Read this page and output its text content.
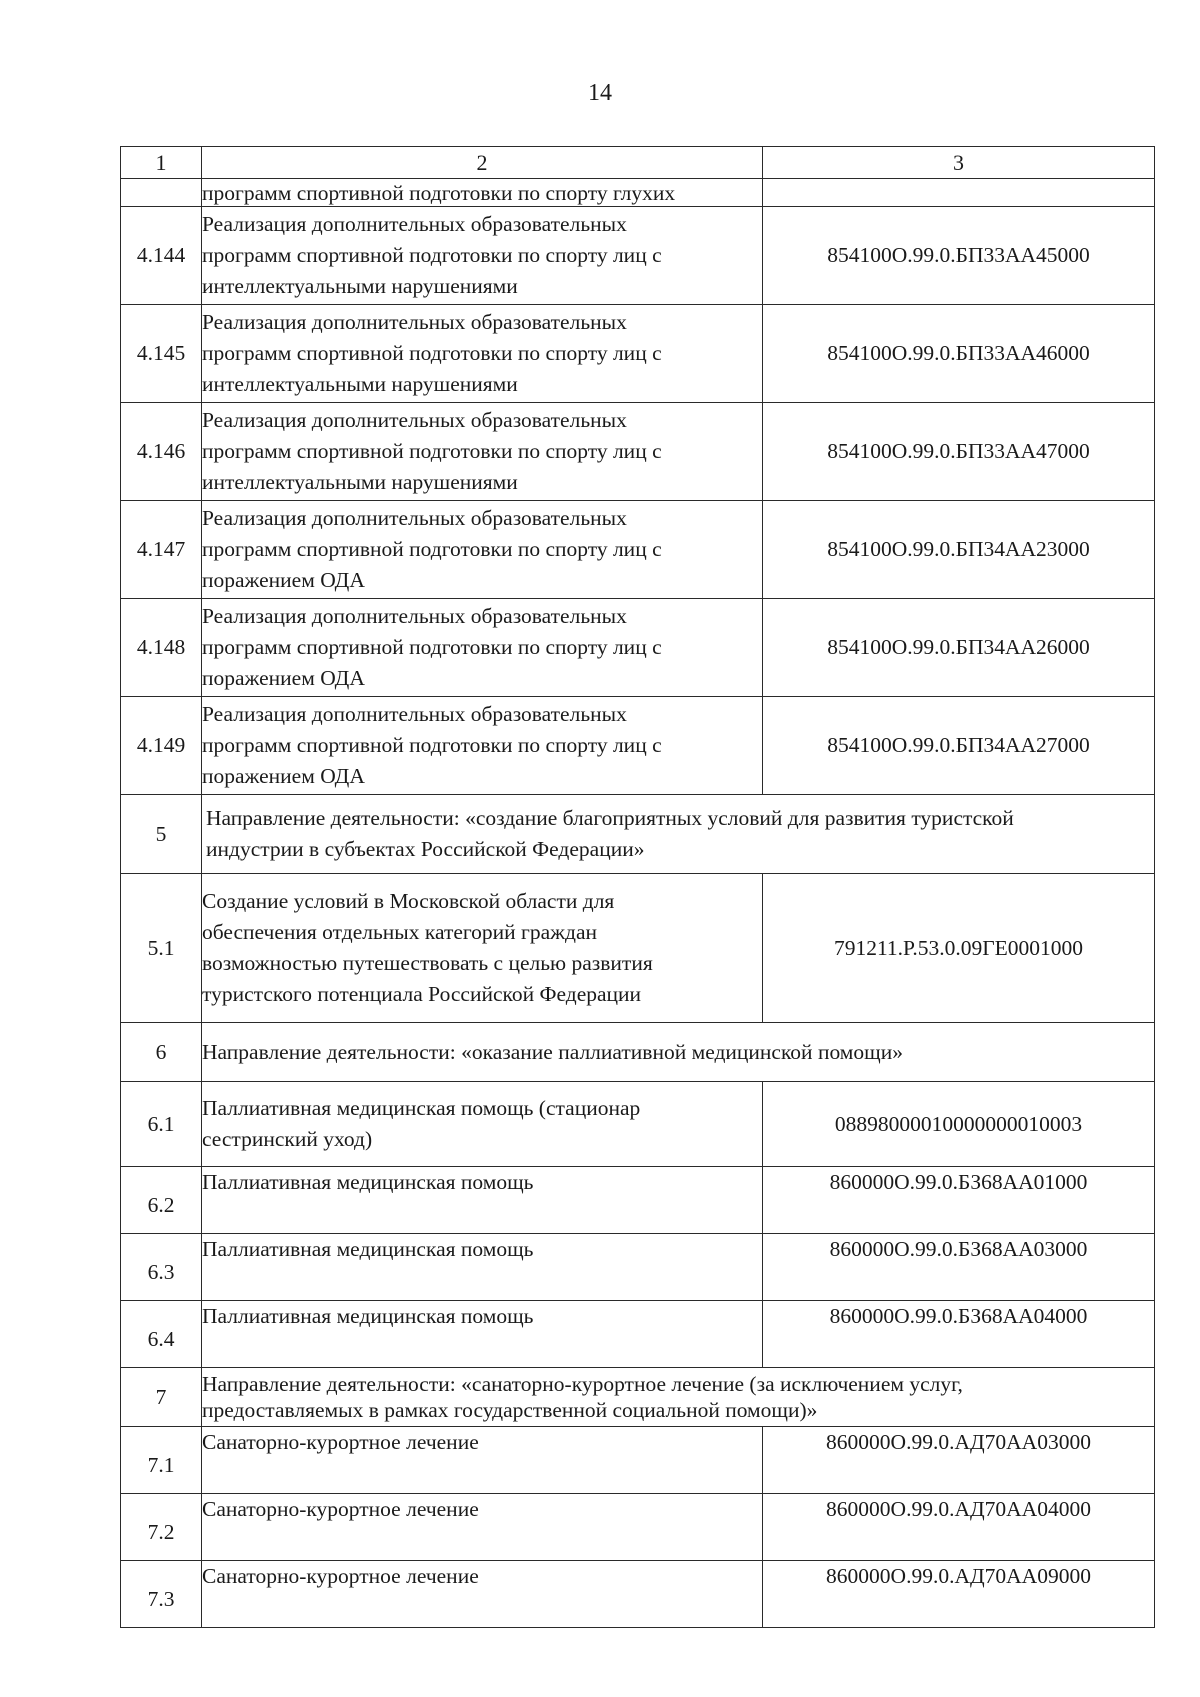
14
1	2	3
	программ спортивной подготовки по спорту глухих	
4.144	Реализация дополнительных образовательных
программ спортивной подготовки по спорту лиц с
интеллектуальными нарушениями	854100О.99.0.БП33АА45000
4.145	Реализация дополнительных образовательных
программ спортивной подготовки по спорту лиц с
интеллектуальными нарушениями	854100О.99.0.БП33АА46000
4.146	Реализация дополнительных образовательных
программ спортивной подготовки по спорту лиц с
интеллектуальными нарушениями	854100О.99.0.БП33АА47000
4.147	Реализация дополнительных образовательных
программ спортивной подготовки по спорту лиц с
поражением ОДА	854100О.99.0.БП34АА23000
4.148	Реализация дополнительных образовательных
программ спортивной подготовки по спорту лиц с
поражением ОДА	854100О.99.0.БП34АА26000
4.149	Реализация дополнительных образовательных
программ спортивной подготовки по спорту лиц с
поражением ОДА	854100О.99.0.БП34АА27000
5	Направление деятельности: «создание благоприятных условий для развития туристской
индустрии в субъектах Российской Федерации»	

5.1	Создание условий в Московской области для
обеспечения отдельных категорий граждан
возможностью путешествовать с целью развития
туристского потенциала Российской Федерации	791211.Р.53.0.09ГЕ0001000
6	Направление деятельности: «оказание паллиативной медицинской помощи»	
6.1	Паллиативная медицинская помощь (стационар
сестринский уход)	08898000010000000010003
6.2	Паллиативная медицинская помощь	860000О.99.0.БЗ68АА01000
6.3	Паллиативная медицинская помощь	860000О.99.0.БЗ68АА03000
6.4	Паллиативная медицинская помощь	860000О.99.0.БЗ68АА04000
7	Направление деятельности: «санаторно-курортное лечение (за исключением услуг,
предоставляемых в рамках государственной социальной помощи)»	

7.1	Санаторно-курортное лечение	860000О.99.0.АД70АА03000
7.2	Санаторно-курортное лечение	860000О.99.0.АД70АА04000
7.3	Санаторно-курортное лечение	860000О.99.0.АД70АА09000
